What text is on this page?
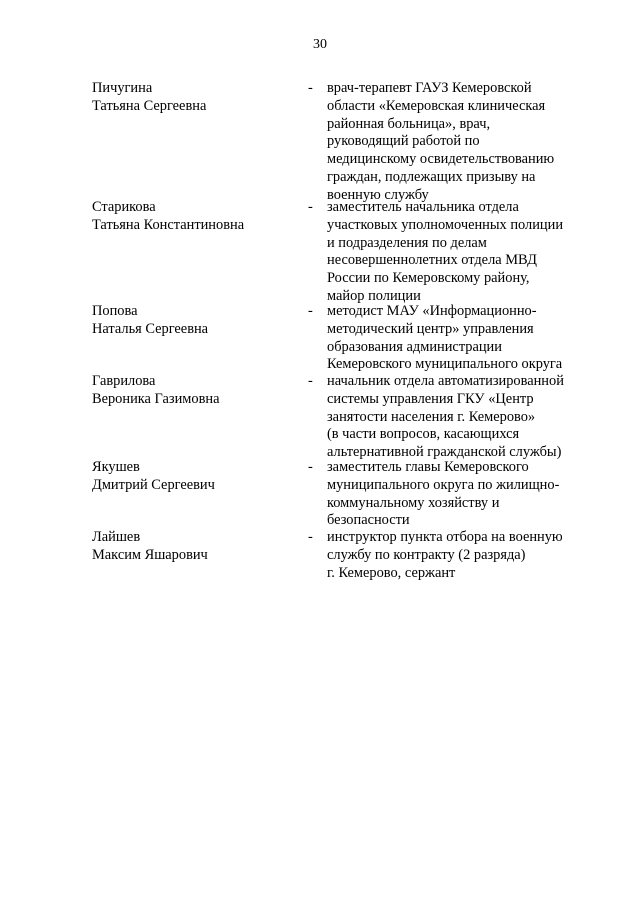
30
Пичугина
Татьяна Сергеевна
- врач-терапевт ГАУЗ Кемеровской
области «Кемеровская клиническая
районная больница», врач,
руководящий работой по
медицинскому освидетельствованию
граждан, подлежащих призыву на
военную службу
Старикова
Татьяна Константиновна
- заместитель начальника отдела
участковых уполномоченных полиции
и подразделения по делам
несовершеннолетних отдела МВД
России по Кемеровскому району,
майор полиции
Попова
Наталья Сергеевна
- методист МАУ «Информационно-
методический центр» управления
образования администрации
Кемеровского муниципального округа
Гаврилова
Вероника Газимовна
- начальник отдела автоматизированной
системы управления ГКУ «Центр
занятости населения г. Кемерово»
(в части вопросов, касающихся
альтернативной гражданской службы)
Якушев
Дмитрий Сергеевич
- заместитель главы Кемеровского
муниципального округа по жилищно-
коммунальному хозяйству и
безопасности
Лайшев
Максим Яшарович
- инструктор пункта отбора на военную
службу по контракту (2 разряда)
г. Кемерово, сержант
